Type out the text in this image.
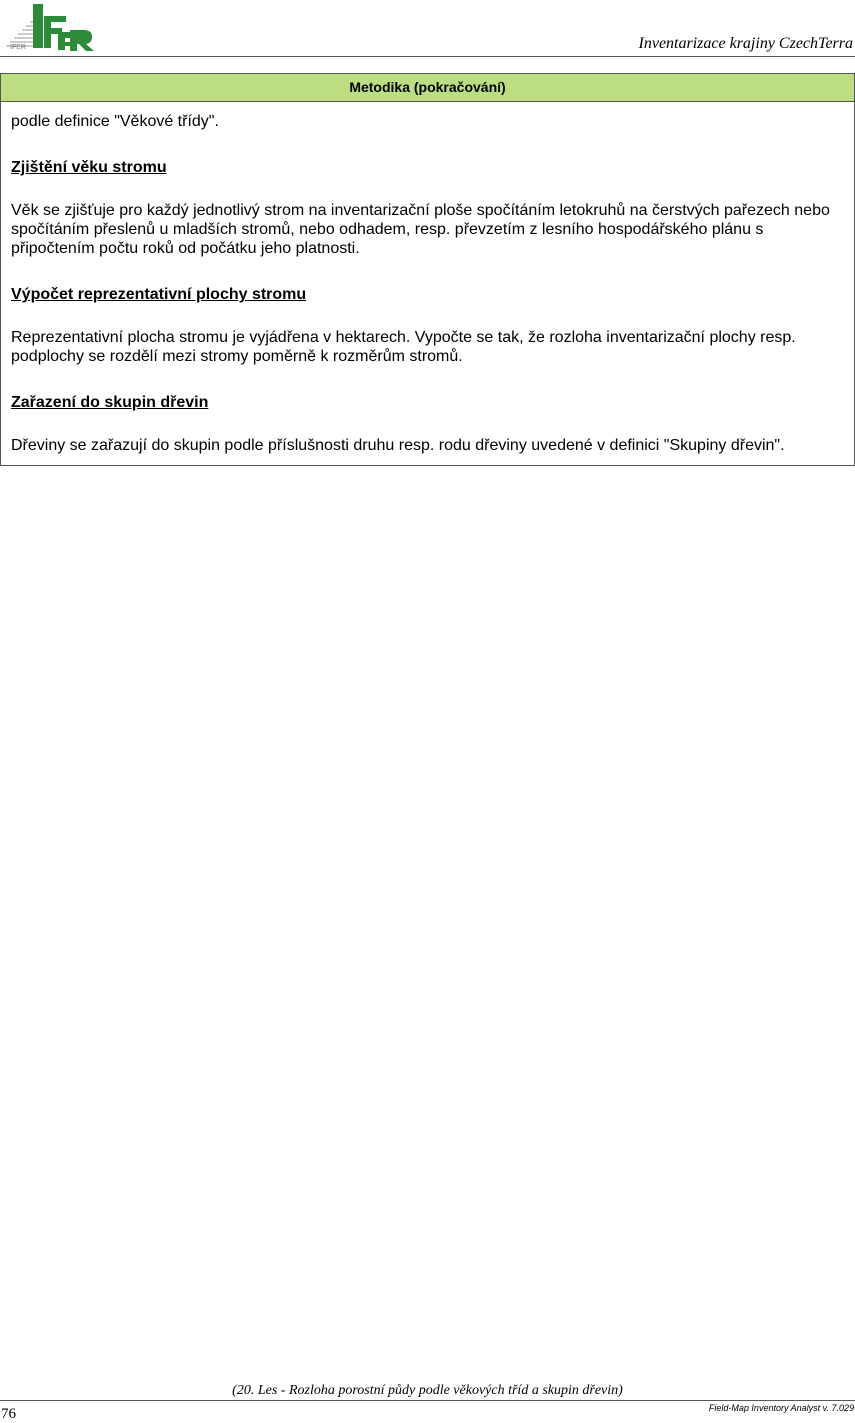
IFER	Inventarizace krajiny CzechTerra
Metodika (pokračování)

podle definice "Věkové třídy".

Zjištění věku stromu

Věk se zjišťuje pro každý jednotlivý strom na inventarizační ploše spočítáním letokruhů na čerstvých pařezech nebo spočítáním přeslenů u mladších stromů, nebo odhadem, resp. převzetím z lesního hospodářského plánu s připočtením počtu roků od počátku jeho platnosti.

Výpočet reprezentativní plochy stromu

Reprezentativní plocha stromu je vyjádřena v hektarech. Vypočte se tak, že rozloha inventarizační plochy resp. podplochy se rozdělí mezi stromy poměrně k rozměrům stromů.

Zařazení do skupin dřevin

Dřeviny se zařazují do skupin podle příslušnosti druhu resp. rodu dřeviny uvedené v definici "Skupiny dřevin".

(20. Les - Rozloha porostní půdy podle věkových tříd a skupin dřevin)
76	Field-Map Inventory Analyst v. 7.029
